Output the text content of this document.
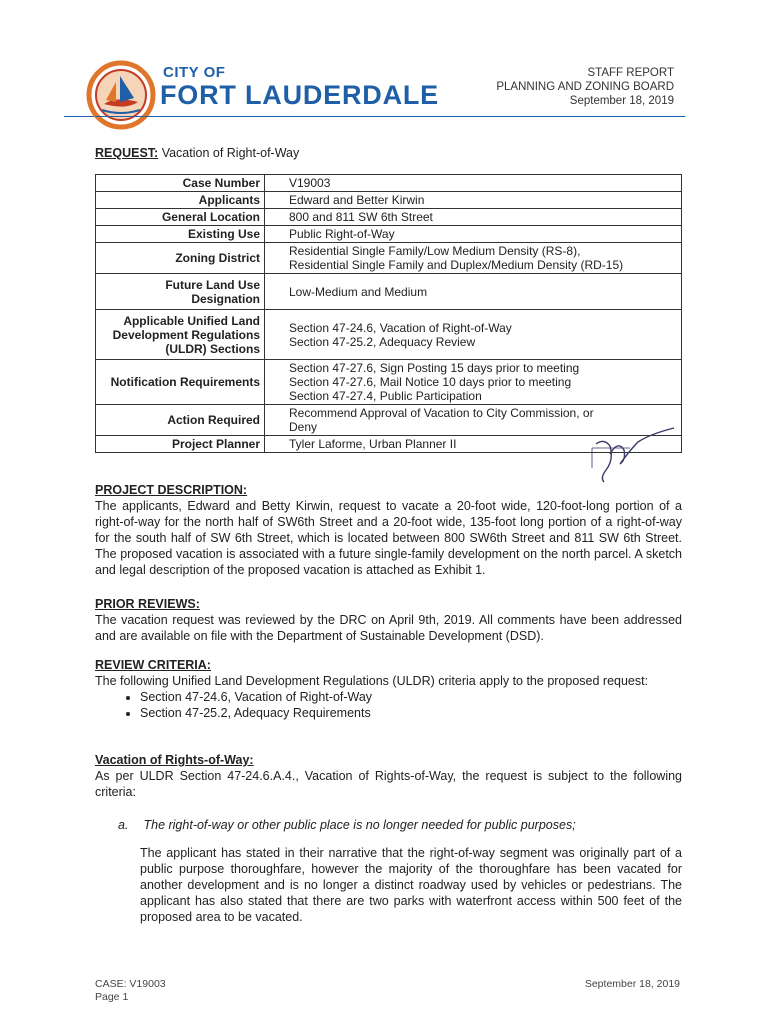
CITY OF
FORT LAUDERDALE
STAFF REPORT
PLANNING AND ZONING BOARD
September 18, 2019
REQUEST: Vacation of Right-of-Way
Case Number	V19003
Applicants	Edward and Better Kirwin
General Location	800 and 811 SW 6th Street
Existing Use	Public Right-of-Way
Zoning District	Residential Single Family/Low Medium Density (RS-8),
Residential Single Family and Duplex/Medium Density (RD-15)

Future Land Use Designation	Low-Medium and Medium
Applicable Unified Land Development Regulations (ULDR) Sections	Section 47-24.6, Vacation of Right-of-Way
Section 47-25.2, Adequacy Review

Notification Requirements	Section 47-27.6, Sign Posting 15 days prior to meeting
Section 47-27.6, Mail Notice 10 days prior to meeting
Section 47-27.4, Public Participation

Action Required	Recommend Approval of Vacation to City Commission, or
Deny

Project Planner	Tyler Laforme, Urban Planner II
PROJECT DESCRIPTION:
The applicants, Edward and Betty Kirwin, request to vacate a 20-foot wide, 120-foot-long portion of a right-of-way for the north half of SW6th Street and a 20-foot wide, 135-foot long portion of a right-of-way for the south half of SW 6th Street, which is located between 800 SW6th Street and 811 SW 6th Street. The proposed vacation is associated with a future single-family development on the north parcel. A sketch and legal description of the proposed vacation is attached as Exhibit 1.
PRIOR REVIEWS:
The vacation request was reviewed by the DRC on April 9th, 2019. All comments have been addressed and are available on file with the Department of Sustainable Development (DSD).
REVIEW CRITERIA:
The following Unified Land Development Regulations (ULDR) criteria apply to the proposed request:
• Section 47-24.6, Vacation of Right-of-Way
• Section 47-25.2, Adequacy Requirements
Vacation of Rights-of-Way:
As per ULDR Section 47-24.6.A.4., Vacation of Rights-of-Way, the request is subject to the following criteria:
a. The right-of-way or other public place is no longer needed for public purposes;
The applicant has stated in their narrative that the right-of-way segment was originally part of a public purpose thoroughfare, however the majority of the thoroughfare has been vacated for another development and is no longer a distinct roadway used by vehicles or pedestrians. The applicant has also stated that there are two parks with waterfront access within 500 feet of the proposed area to be vacated.
CASE: V19003
Page 1
September 18, 2019
